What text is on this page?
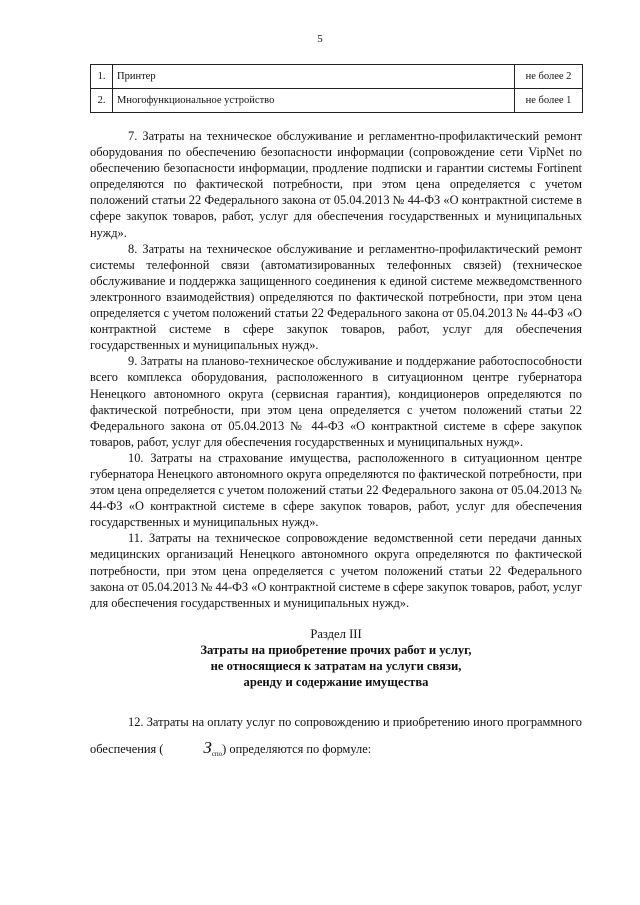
5
1.	Принтер	не более 2
2.	Многофункциональное устройство	не более 1

7. Затраты на техническое обслуживание и регламентно-профилактический ремонт оборудования по обеспечению безопасности информации (сопровождение сети VipNet по обеспечению безопасности информации, продление подписки и гарантии системы Fortinent определяются по фактической потребности, при этом цена определяется с учетом положений статьи 22 Федерального закона от 05.04.2013 № 44-ФЗ «О контрактной системе в сфере закупок товаров, работ, услуг для обеспечения государственных и муниципальных нужд».

8. Затраты на техническое обслуживание и регламентно-профилактический ремонт системы телефонной связи (автоматизированных телефонных связей) (техническое обслуживание и поддержка защищенного соединения к единой системе межведомственного электронного взаимодействия) определяются по фактической потребности, при этом цена определяется с учетом положений статьи 22 Федерального закона от 05.04.2013 № 44-ФЗ «О контрактной системе в сфере закупок товаров, работ, услуг для обеспечения государственных и муниципальных нужд».

9. Затраты на планово-техническое обслуживание и поддержание работоспособности всего комплекса оборудования, расположенного в ситуационном центре губернатора Ненецкого автономного округа (сервисная гарантия), кондиционеров определяются по фактической потребности, при этом цена определяется с учетом положений статьи 22 Федерального закона от 05.04.2013 № 44-ФЗ «О контрактной системе в сфере закупок товаров, работ, услуг для обеспечения государственных и муниципальных нужд».

10. Затраты на страхование имущества, расположенного в ситуационном центре губернатора Ненецкого автономного округа определяются по фактической потребности, при этом цена определяется с учетом положений статьи 22 Федерального закона от 05.04.2013 № 44-ФЗ «О контрактной системе в сфере закупок товаров, работ, услуг для обеспечения государственных и муниципальных нужд».

11. Затраты на техническое сопровождение ведомственной сети передачи данных медицинских организаций Ненецкого автономного округа определяются по фактической потребности, при этом цена определяется с учетом положений статьи 22 Федерального закона от 05.04.2013 № 44-ФЗ «О контрактной системе в сфере закупок товаров, работ, услуг для обеспечения государственных и муниципальных нужд».

Раздел III
Затраты на приобретение прочих работ и услуг,
не относящиеся к затратам на услуги связи,
аренду и содержание имущества

12. Затраты на оплату услуг по сопровождению и приобретению иного программного обеспечения ( Зспо) определяются по формуле:
